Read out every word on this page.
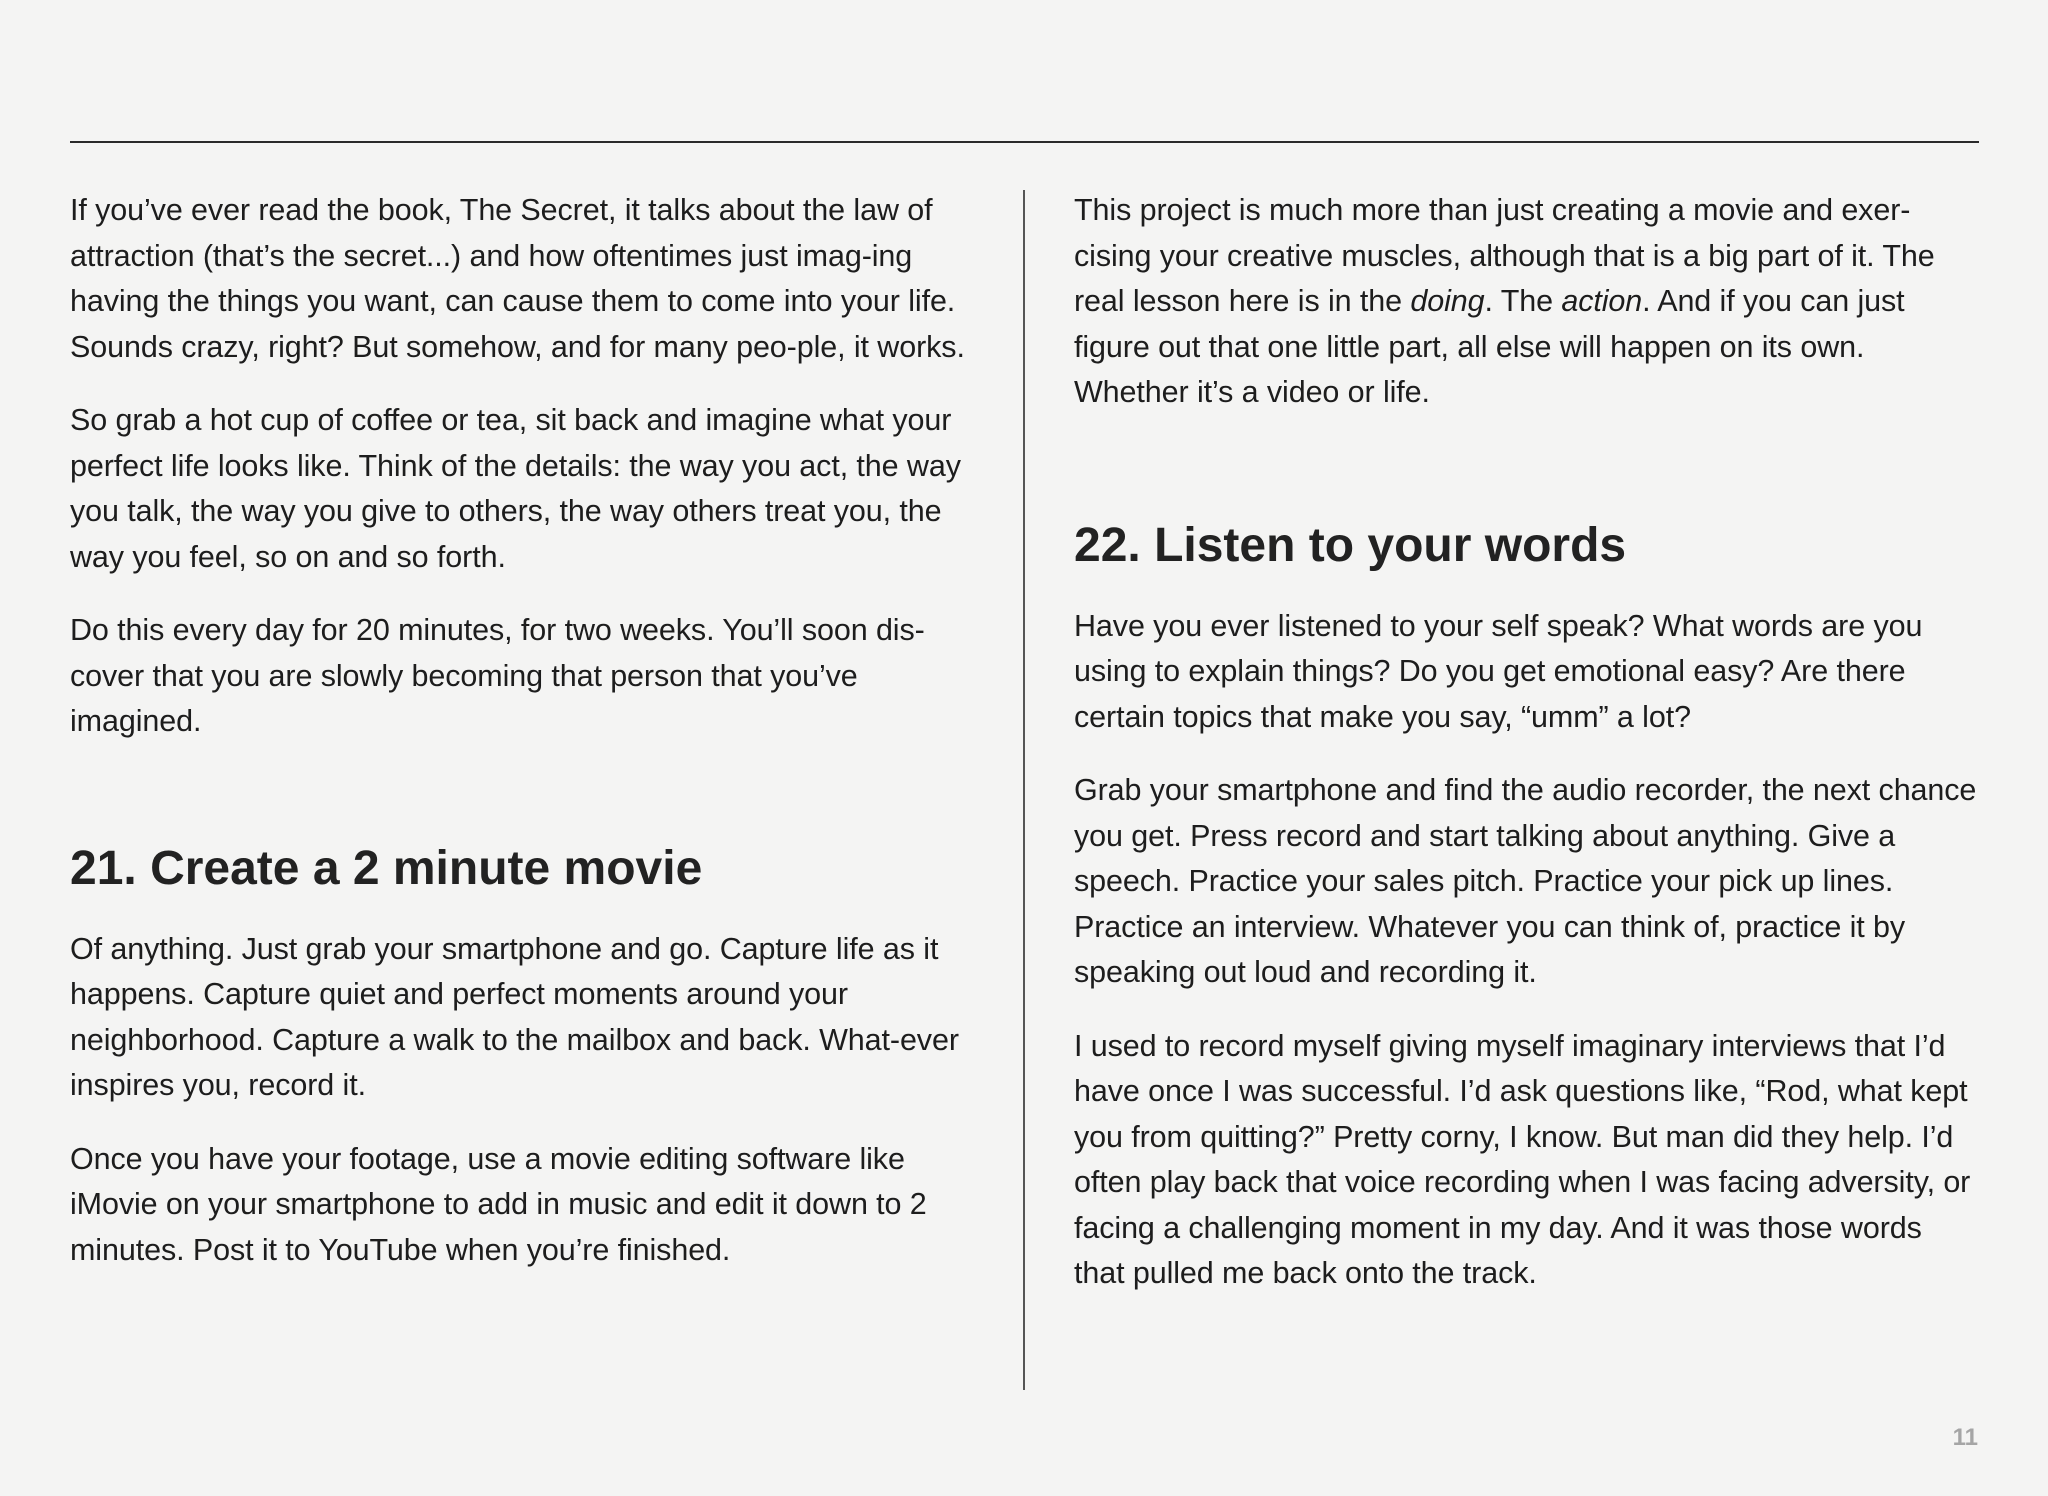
If you’ve ever read the book, The Secret, it talks about the law of attraction (that’s the secret...) and how oftentimes just imag-ing having the things you want, can cause them to come into your life. Sounds crazy, right? But somehow, and for many peo-ple, it works.

So grab a hot cup of coffee or tea, sit back and imagine what your perfect life looks like. Think of the details: the way you act, the way you talk, the way you give to others, the way others treat you, the way you feel, so on and so forth.

Do this every day for 20 minutes, for two weeks. You’ll soon dis-cover that you are slowly becoming that person that you’ve imagined.

21. Create a 2 minute movie

Of anything. Just grab your smartphone and go. Capture life as it happens. Capture quiet and perfect moments around your neighborhood. Capture a walk to the mailbox and back. What-ever inspires you, record it.

Once you have your footage, use a movie editing software like iMovie on your smartphone to add in music and edit it down to 2 minutes. Post it to YouTube when you’re finished.

This project is much more than just creating a movie and exer-cising your creative muscles, although that is a big part of it. The real lesson here is in the doing. The action. And if you can just figure out that one little part, all else will happen on its own. Whether it’s a video or life.

22. Listen to your words

Have you ever listened to your self speak? What words are you using to explain things? Do you get emotional easy? Are there certain topics that make you say, “umm” a lot?

Grab your smartphone and find the audio recorder, the next chance you get. Press record and start talking about anything. Give a speech. Practice your sales pitch. Practice your pick up lines. Practice an interview. Whatever you can think of, practice it by speaking out loud and recording it.

I used to record myself giving myself imaginary interviews that I’d have once I was successful. I’d ask questions like, “Rod, what kept you from quitting?” Pretty corny, I know. But man did they help. I’d often play back that voice recording when I was facing adversity, or facing a challenging moment in my day. And it was those words that pulled me back onto the track.

11
